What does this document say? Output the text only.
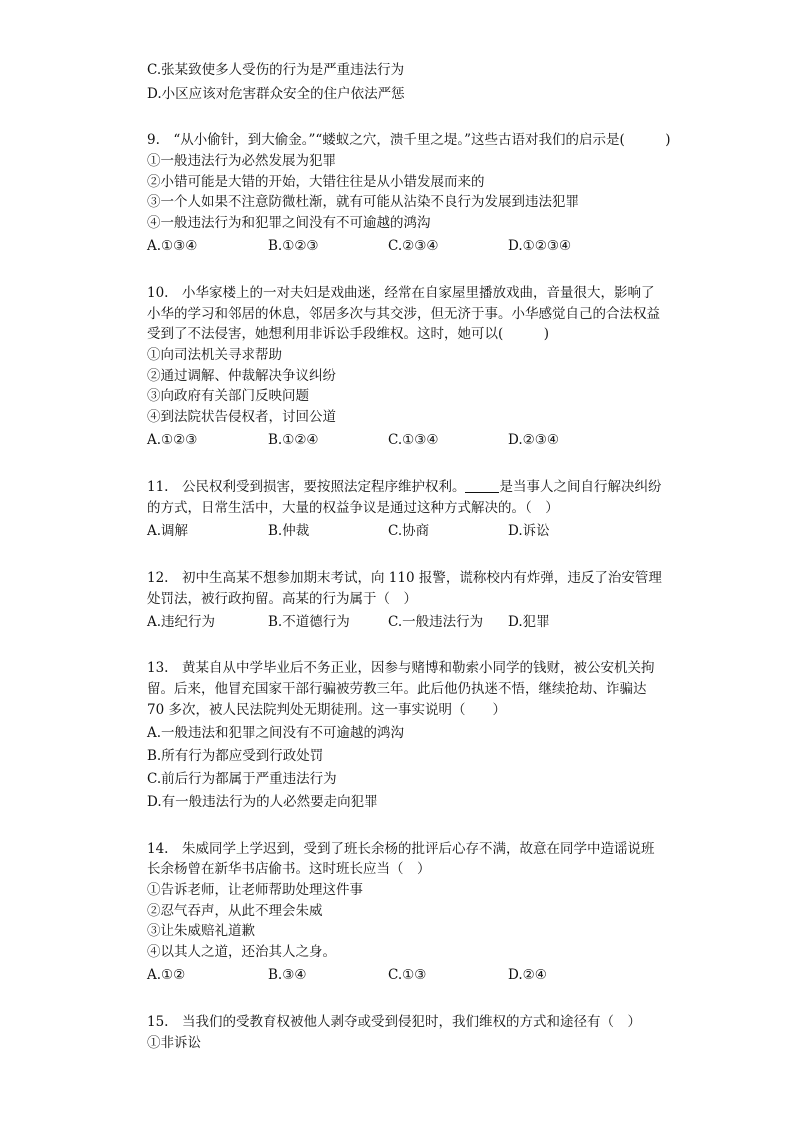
C.张某致使多人受伤的行为是严重违法行为
D.小区应该对危害群众安全的住户依法严惩
9.　“从小偷针，到大偷金。”“蝼蚁之穴，溃千里之堤。”这些古语对我们的启示是(　　　)
①一般违法行为必然发展为犯罪
②小错可能是大错的开始，大错往往是从小错发展而来的
③一个人如果不注意防微杜渐，就有可能从沾染不良行为发展到违法犯罪
④一般违法行为和犯罪之间没有不可逾越的鸿沟
A.①③④	B.①②③	C.②③④	D.①②③④
10.　小华家楼上的一对夫妇是戏曲迷，经常在自家屋里播放戏曲，音量很大，影响了
小华的学习和邻居的休息，邻居多次与其交涉，但无济于事。小华感觉自己的合法权益
受到了不法侵害，她想利用非诉讼手段维权。这时，她可以(　　　)
①向司法机关寻求帮助
②通过调解、仲裁解决争议纠纷
③向政府有关部门反映问题
④到法院状告侵权者，讨回公道
A.①②③	B.①②④	C.①③④	D.②③④
11.　公民权利受到损害，要按照法定程序维护权利。	是当事人之间自行解决纠纷
的方式，日常生活中，大量的权益争议是通过这种方式解决的。（　）
A.调解	B.仲裁	C.协商	D.诉讼
12.　初中生高某不想参加期末考试，向 110 报警，谎称校内有炸弹，违反了治安管理
处罚法，被行政拘留。高某的行为属于（　）
A.违纪行为	B.不道德行为	C.一般违法行为 D.犯罪
13.　黄某自从中学毕业后不务正业，因参与赌博和勒索小同学的钱财，被公安机关拘
留。后来，他冒充国家干部行骗被劳教三年。此后他仍执迷不悟，继续抢劫、诈骗达
70 多次，被人民法院判处无期徒刑。这一事实说明（　　）
A.一般违法和犯罪之间没有不可逾越的鸿沟
B.所有行为都应受到行政处罚
C.前后行为都属于严重违法行为
D.有一般违法行为的人必然要走向犯罪
14.　朱威同学上学迟到，受到了班长余杨的批评后心存不满，故意在同学中造谣说班
长余杨曾在新华书店偷书。这时班长应当（　）
①告诉老师，让老师帮助处理这件事
②忍气吞声，从此不理会朱威
③让朱威赔礼道歉
④以其人之道，还治其人之身。
A.①②	B.③④	C.①③	D.②④
15.　当我们的受教育权被他人剥夺或受到侵犯时，我们维权的方式和途径有（　）
①非诉讼
